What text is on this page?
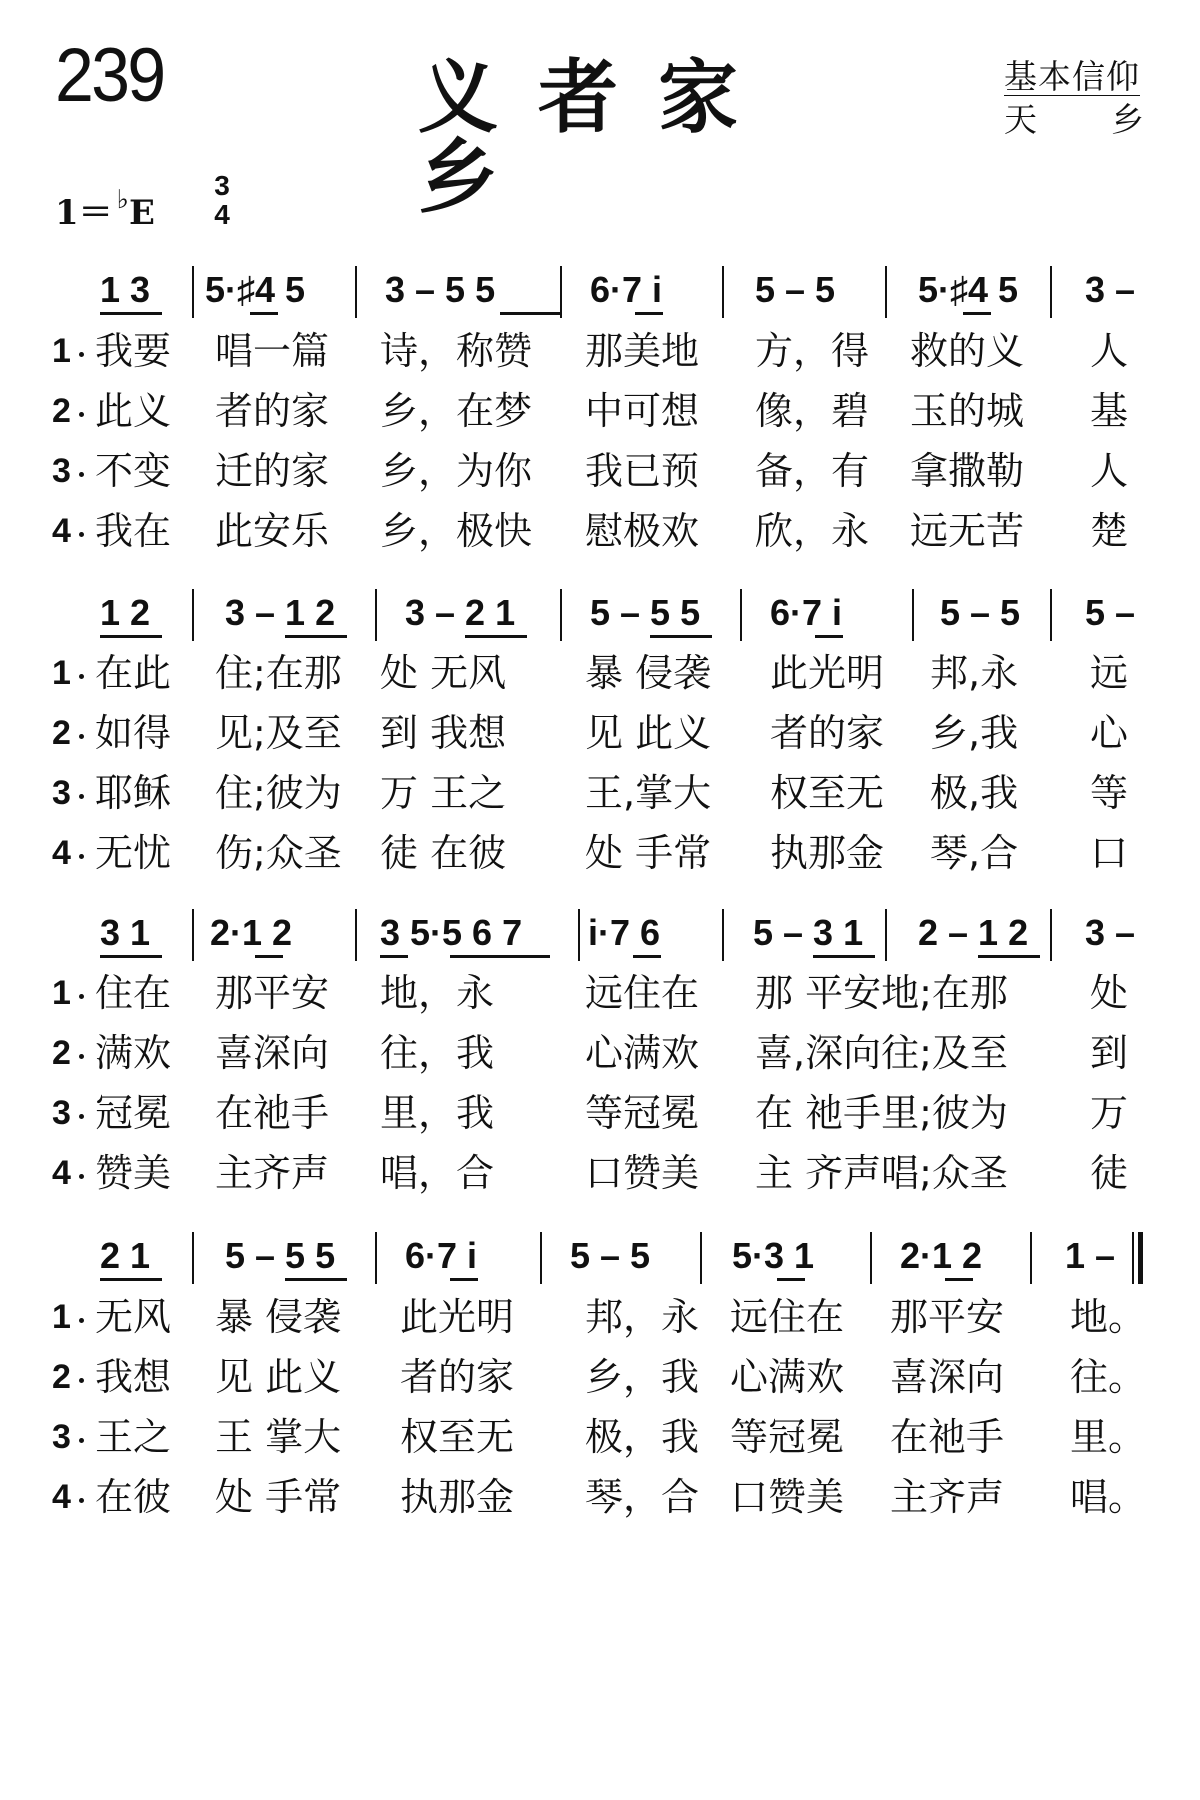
239	义者家乡
基本信仰
天 乡
1＝ ♭E
3
4
1 3 5·♯4 5 3 – 5 5	6·7 i	5 – 5 5·♯4 5 3 –
1 我要 唱一篇 诗，称赞 那美地 方，得 救的义 人
2 此义 者的家 乡，在梦 中可想 像，碧 玉的城 基
3 不变 迁的家 乡，为你 我已预 备，有 拿撒勒 人
4 我在 此安乐 乡，极快 慰极欢 欣，永 远无苦 楚
1 2 3 – 1 2 3 – 2 1 5 – 5 5 6·7 i	5 – 5 5 –
1 在此 住;在那 处 无风 暴 侵袭 此光明 邦,永 远
2 如得 见;及至 到 我想 见 此义 者的家 乡,我 心
3 耶稣 住;彼为 万 王之 王,掌大 权至无 极,我 等
4 无忧 伤;众圣 徒 在彼 处 手常 执那金 琴,合 口
3 1 2·1 2 3 5·5 6 7 i·7 6	5 – 3 1 2 – 1 2 3 –
1 住在 那平安 地，永 远住在 那 平安地;在那 处
2 满欢 喜深向 往，我 心满欢 喜,深向往;及至 到
3 冠冕 在祂手 里，我 等冠冕 在 祂手里;彼为 万
4 赞美 主齐声 唱，合 口赞美 主 齐声唱;众圣 徒
2 1 5 – 5 5 6·7 i	5 – 5 5·3 1 2·1 2 1 –
1 无风 暴 侵袭 此光明 邦，永 远住在 那平安 地。
2 我想 见 此义 者的家 乡，我 心满欢 喜深向 往。
3 王之 王 掌大 权至无 极，我 等冠冕 在祂手 里。
4 在彼 处 手常 执那金 琴，合 口赞美 主齐声 唱。
